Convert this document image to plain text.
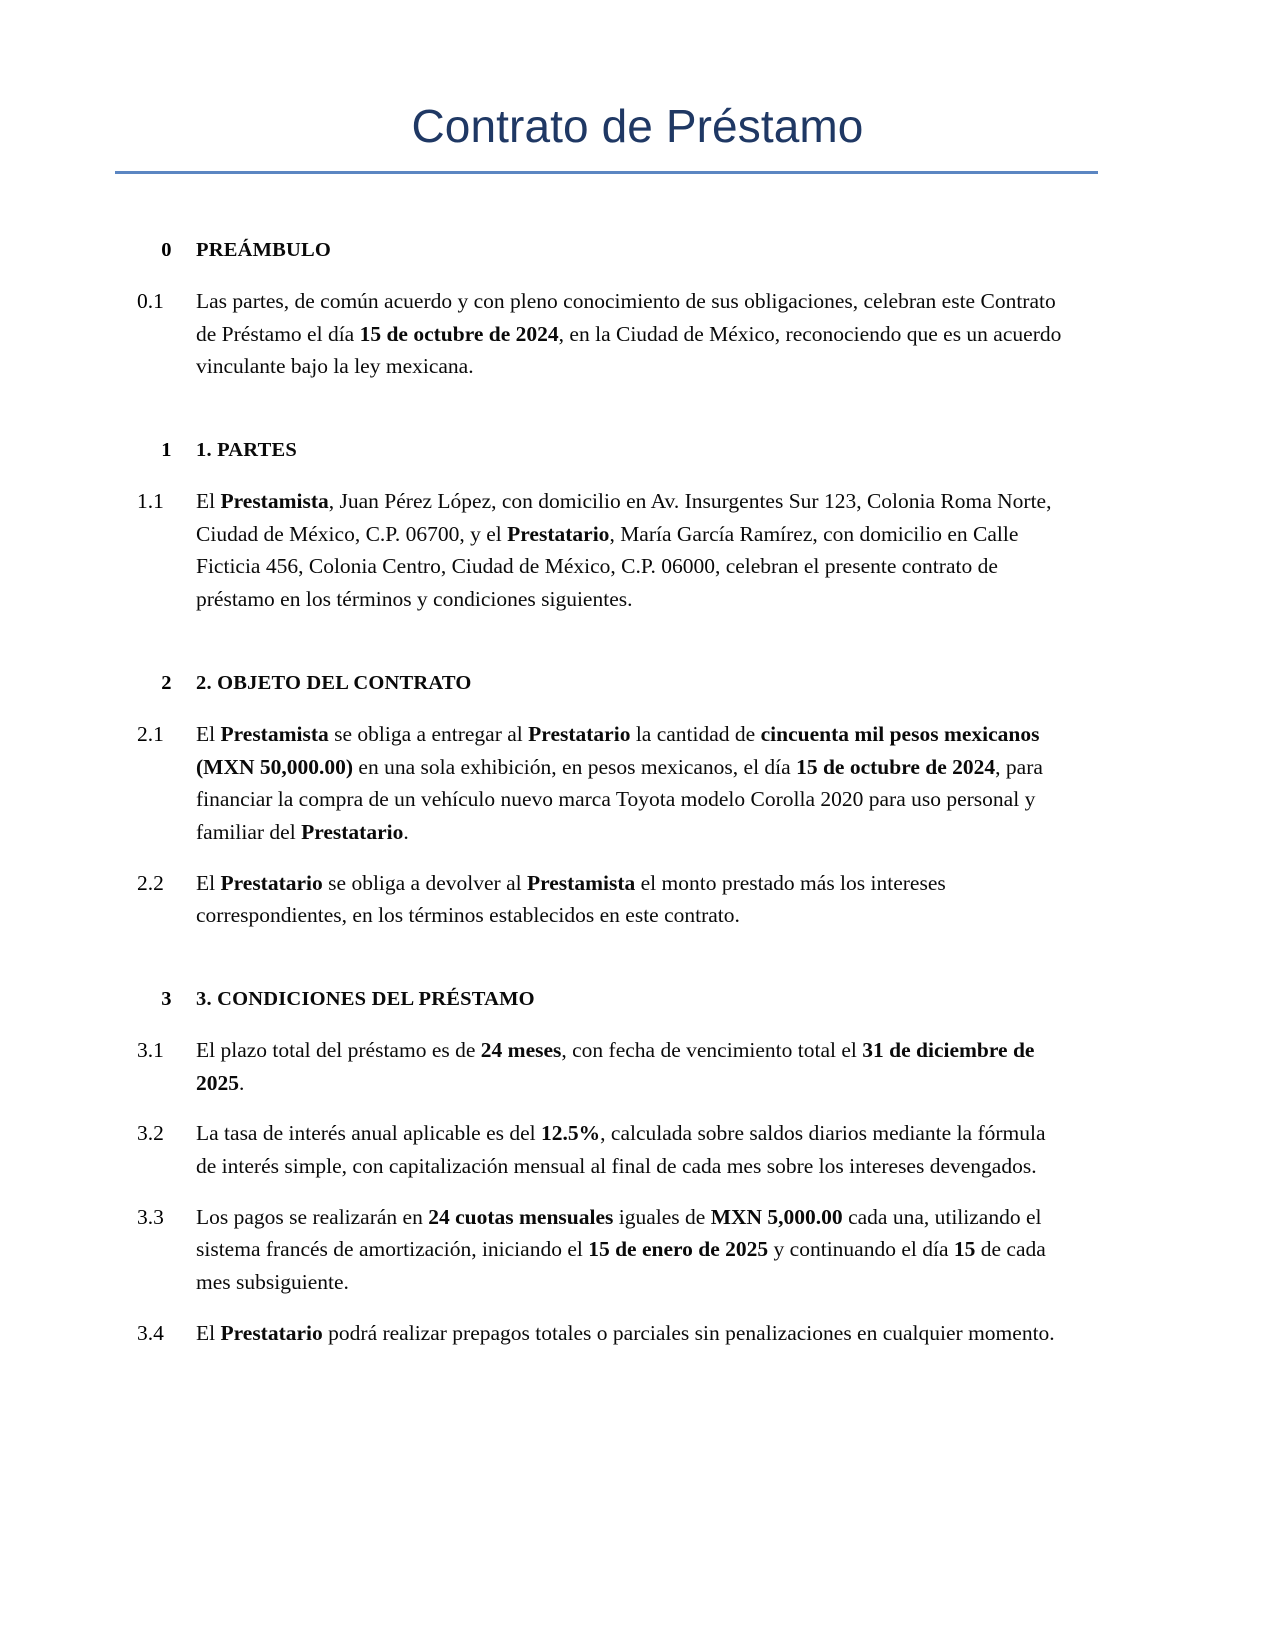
Contrato de Préstamo
0	PREÁMBULO
0.1	Las partes, de común acuerdo y con pleno conocimiento de sus obligaciones, celebran este Contrato de Préstamo el día 15 de octubre de 2024, en la Ciudad de México, reconociendo que es un acuerdo vinculante bajo la ley mexicana.
1	1. PARTES
1.1	El Prestamista, Juan Pérez López, con domicilio en Av. Insurgentes Sur 123, Colonia Roma Norte, Ciudad de México, C.P. 06700, y el Prestatario, María García Ramírez, con domicilio en Calle Ficticia 456, Colonia Centro, Ciudad de México, C.P. 06000, celebran el presente contrato de préstamo en los términos y condiciones siguientes.
2	2. OBJETO DEL CONTRATO
2.1	El Prestamista se obliga a entregar al Prestatario la cantidad de cincuenta mil pesos mexicanos (MXN 50,000.00) en una sola exhibición, en pesos mexicanos, el día 15 de octubre de 2024, para financiar la compra de un vehículo nuevo marca Toyota modelo Corolla 2020 para uso personal y familiar del Prestatario.
2.2	El Prestatario se obliga a devolver al Prestamista el monto prestado más los intereses correspondientes, en los términos establecidos en este contrato.
3	3. CONDICIONES DEL PRÉSTAMO
3.1	El plazo total del préstamo es de 24 meses, con fecha de vencimiento total el 31 de diciembre de 2025.
3.2	La tasa de interés anual aplicable es del 12.5%, calculada sobre saldos diarios mediante la fórmula de interés simple, con capitalización mensual al final de cada mes sobre los intereses devengados.
3.3	Los pagos se realizarán en 24 cuotas mensuales iguales de MXN 5,000.00 cada una, utilizando el sistema francés de amortización, iniciando el 15 de enero de 2025 y continuando el día 15 de cada mes subsiguiente.
3.4	El Prestatario podrá realizar prepagos totales o parciales sin penalizaciones en cualquier momento.
